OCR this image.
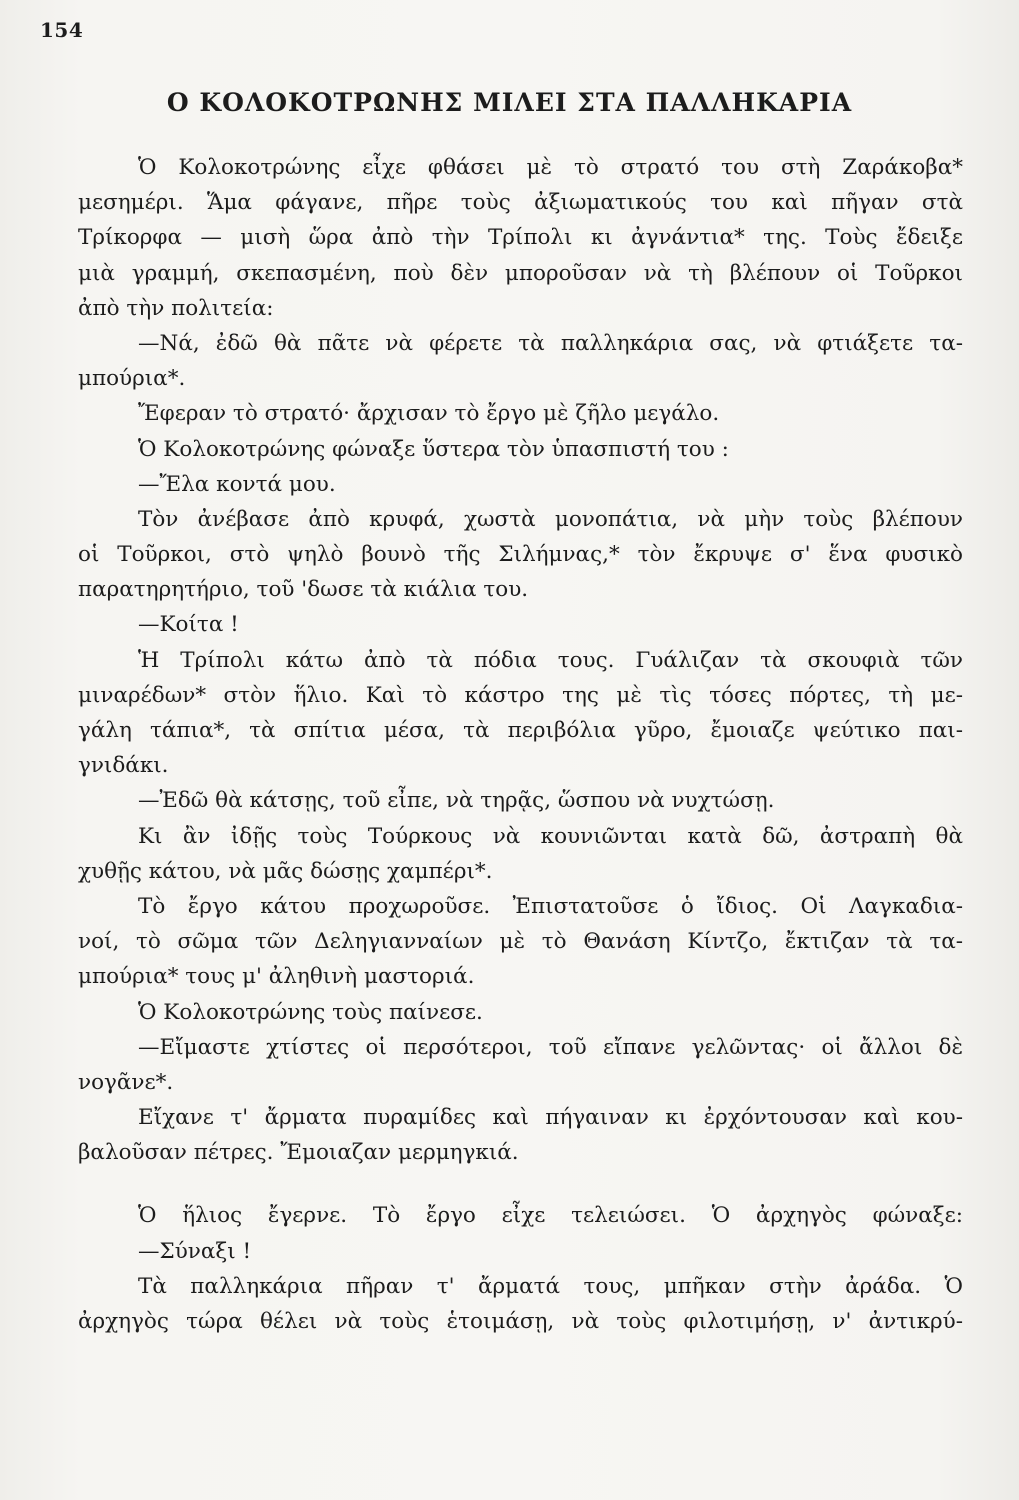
154
Ο ΚΟΛΟΚΟΤΡΩΝΗΣ ΜΙΛΕΙ ΣΤΑ ΠΑΛΛΗΚΑΡΙΑ
Ὁ Κολοκοτρώνης εἶχε φθάσει μὲ τὸ στρατό του στὴ Ζαράκοβα*
μεσημέρι. Ἅμα φάγανε, πῆρε τοὺς ἀξιωματικούς του καὶ πῆγαν στὰ
Τρίκορφα — μισὴ ὥρα ἀπὸ τὴν Τρίπολι κι ἀγνάντια* της. Τοὺς ἔδειξε
μιὰ γραμμή, σκεπασμένη, ποὺ δὲν μποροῦσαν νὰ τὴ βλέπουν οἱ Τοῦρκοι
ἀπὸ τὴν πολιτεία:
—Νά, ἐδῶ θὰ πᾶτε νὰ φέρετε τὰ παλληκάρια σας, νὰ φτιάξετε τα-
μπούρια*.
Ἔφεραν τὸ στρατό· ἄρχισαν τὸ ἔργο μὲ ζῆλο μεγάλο.
Ὁ Κολοκοτρώνης φώναξε ὕστερα τὸν ὑπασπιστή του :
—Ἔλα κοντά μου.
Τὸν ἀνέβασε ἀπὸ κρυφά, χωστὰ μονοπάτια, νὰ μὴν τοὺς βλέπουν
οἱ Τοῦρκοι, στὸ ψηλὸ βουνὸ τῆς Σιλήμνας,* τὸν ἔκρυψε σ' ἕνα φυσικὸ
παρατηρητήριο, τοῦ 'δωσε τὰ κιάλια του.
—Κοίτα !
Ἡ Τρίπολι κάτω ἀπὸ τὰ πόδια τους. Γυάλιζαν τὰ σκουφιὰ τῶν
μιναρέδων* στὸν ἥλιο. Καὶ τὸ κάστρο της μὲ τὶς τόσες πόρτες, τὴ με-
γάλη τάπια*, τὰ σπίτια μέσα, τὰ περιβόλια γῦρο, ἔμοιαζε ψεύτικο παι-
γνιδάκι.
—Ἐδῶ θὰ κάτσῃς, τοῦ εἶπε, νὰ τηρᾷς, ὥσπου νὰ νυχτώσῃ.
Κι ἂν ἰδῇς τοὺς Τούρκους νὰ κουνιῶνται κατὰ δῶ, ἀστραπὴ θὰ
χυθῇς κάτου, νὰ μᾶς δώσῃς χαμπέρι*.
Τὸ ἔργο κάτου προχωροῦσε. Ἐπιστατοῦσε ὁ ἴδιος. Οἱ Λαγκαδια-
νοί, τὸ σῶμα τῶν Δεληγιανναίων μὲ τὸ Θανάση Κίντζο, ἔκτιζαν τὰ τα-
μπούρια* τους μ' ἀληθινὴ μαστοριά.
Ὁ Κολοκοτρώνης τοὺς παίνεσε.
—Εἴμαστε χτίστες οἱ περσότεροι, τοῦ εἴπανε γελῶντας· οἱ ἄλλοι δὲ
νογᾶνε*.
Εἴχανε τ' ἄρματα πυραμίδες καὶ πήγαιναν κι ἐρχόντουσαν καὶ κου-
βαλοῦσαν πέτρες. Ἔμοιαζαν μερμηγκιά.
Ὁ ἥλιος ἔγερνε. Τὸ ἔργο εἶχε τελειώσει. Ὁ ἀρχηγὸς φώναξε:
—Σύναξι !
Τὰ παλληκάρια πῆραν τ' ἄρματά τους, μπῆκαν στὴν ἀράδα. Ὁ
ἀρχηγὸς τώρα θέλει νὰ τοὺς ἑτοιμάσῃ, νὰ τοὺς φιλοτιμήσῃ, ν' ἀντικρύ-
